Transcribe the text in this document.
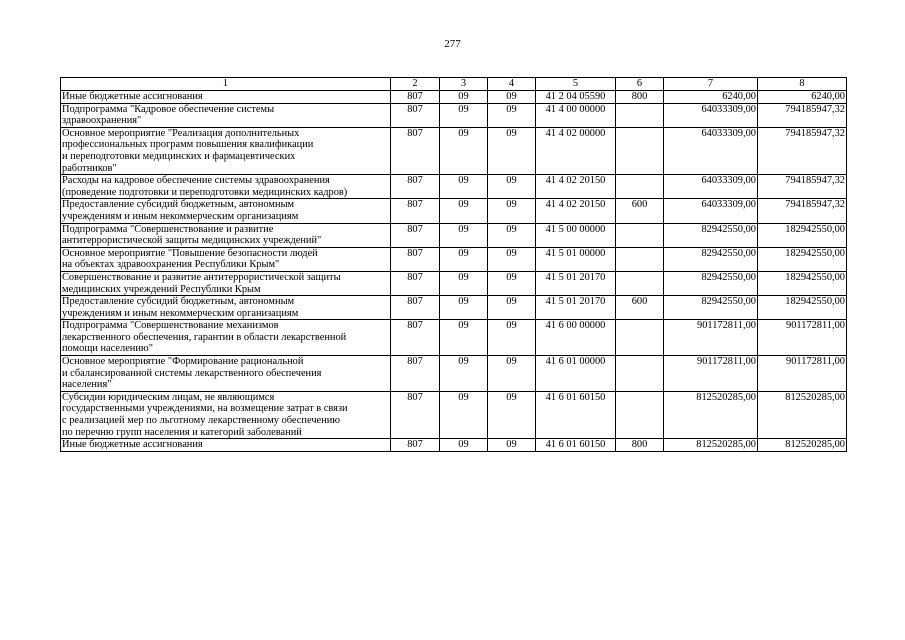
277
1	2	3	4	5	6	7	8
Иные бюджетные ассигнования	807	09	09	41 2 04 05590	800	6240,00	6240,00
Подпрограмма "Кадровое обеспечение системы
здравоохранения"	807	09	09	41 4 00 00000		64033309,00	794185947,32
Основное мероприятие "Реализация дополнительных
профессиональных программ повышения квалификации
и переподготовки медицинских и фармацевтических
работников"	807	09	09	41 4 02 00000		64033309,00	794185947,32
Расходы на кадровое обеспечение системы здравоохранения
(проведение подготовки и переподготовки медицинских кадров)	807	09	09	41 4 02 20150		64033309,00	794185947,32
Предоставление субсидий бюджетным, автономным
учреждениям и иным некоммерческим организациям	807	09	09	41 4 02 20150	600	64033309,00	794185947,32
Подпрограмма "Совершенствование и развитие
антитеррористической защиты медицинских учреждений"	807	09	09	41 5 00 00000		82942550,00	182942550,00
Основное мероприятие "Повышение безопасности людей
на объектах здравоохранения Республики Крым"	807	09	09	41 5 01 00000		82942550,00	182942550,00
Совершенствование и развитие антитеррористической защиты
медицинских учреждений Республики Крым	807	09	09	41 5 01 20170		82942550,00	182942550,00
Предоставление субсидий бюджетным, автономным
учреждениям и иным некоммерческим организациям	807	09	09	41 5 01 20170	600	82942550,00	182942550,00
Подпрограмма "Совершенствование механизмов
лекарственного обеспечения, гарантии в области лекарственной
помощи населению"	807	09	09	41 6 00 00000		901172811,00	901172811,00
Основное мероприятие "Формирование рациональной
и сбалансированной системы лекарственного обеспечения
населения"	807	09	09	41 6 01 00000		901172811,00	901172811,00
Субсидии юридическим лицам, не являющимся
государственными учреждениями, на возмещение затрат в связи
с реализацией мер по льготному лекарственному обеспечению
по перечню групп населения и категорий заболеваний	807	09	09	41 6 01 60150		812520285,00	812520285,00
Иные бюджетные ассигнования	807	09	09	41 6 01 60150	800	812520285,00	812520285,00
